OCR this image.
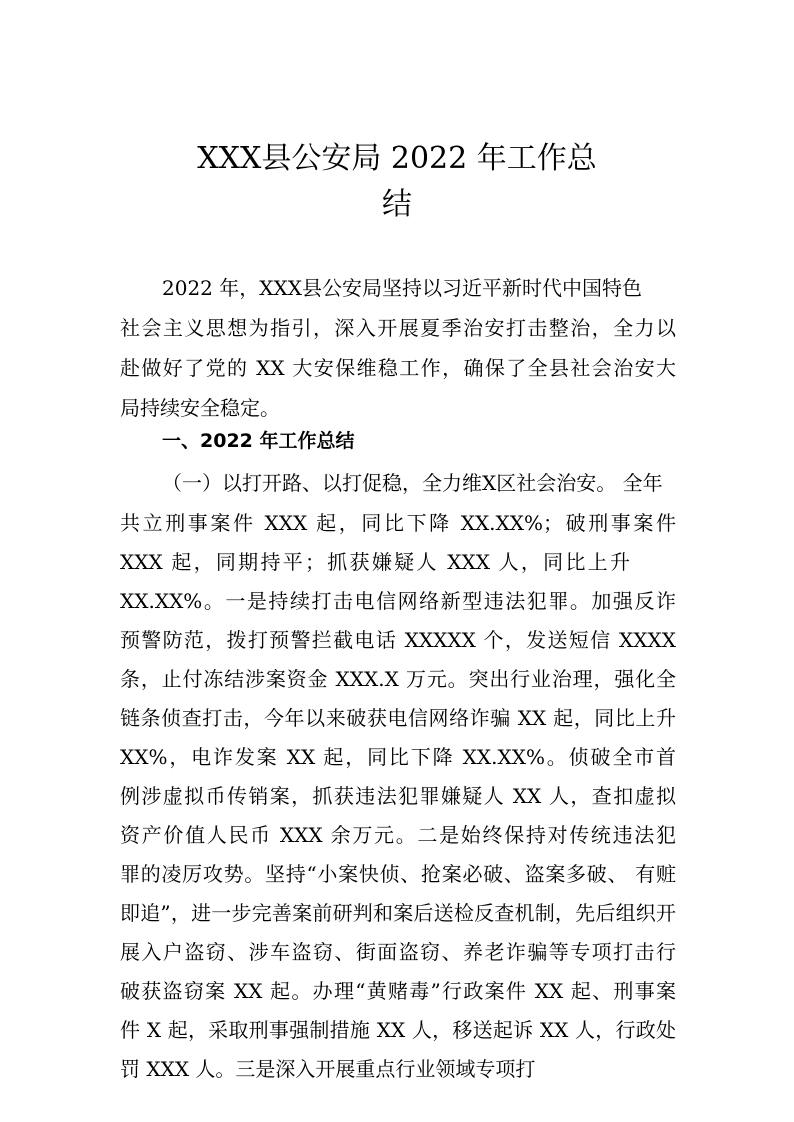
XXX县公安局 2022 年工作总
结

2022 年，XXX县公安局坚持以习近平新时代中国特色

社会主义思想为指引，深入开展夏季治安打击整治，全力以

赴做好了党的 XX 大安保维稳工作，确保了全县社会治安大

局持续安全稳定。

一、2022 年工作总结

（一）以打开路、以打促稳，全力维X区社会治安。 全年

共立刑事案件 XXX 起，同比下降 XX.XX%；破刑事案件

XXX 起，同期持平；抓获嫌疑人 XXX 人，同比上升

XX.XX%。一是持续打击电信网络新型违法犯罪。加强反诈

预警防范，拨打预警拦截电话 XXXXX 个，发送短信 XXXX

条，止付冻结涉案资金 XXX.X 万元。突出行业治理，强化全

链条侦查打击，今年以来破获电信网络诈骗 XX 起，同比上升

XX%，电诈发案 XX 起，同比下降 XX.XX%。侦破全市首

例涉虚拟币传销案，抓获违法犯罪嫌疑人 XX 人，查扣虚拟

资产价值人民币 XXX 余万元。二是始终保持对传统违法犯

罪的凌厉攻势。坚持“小案快侦、抢案必破、盗案多破、 有赃

即追”，进一步完善案前研判和案后送检反查机制，先后组织开

展入户盗窃、涉车盗窃、街面盗窃、养老诈骗等专项打击行

破获盗窃案 XX 起。办理“黄赌毒”行政案件 XX 起、刑事案

件 X 起，采取刑事强制措施 XX 人，移送起诉 XX 人，行政处

罚 XXX 人。三是深入开展重点行业领域专项打
